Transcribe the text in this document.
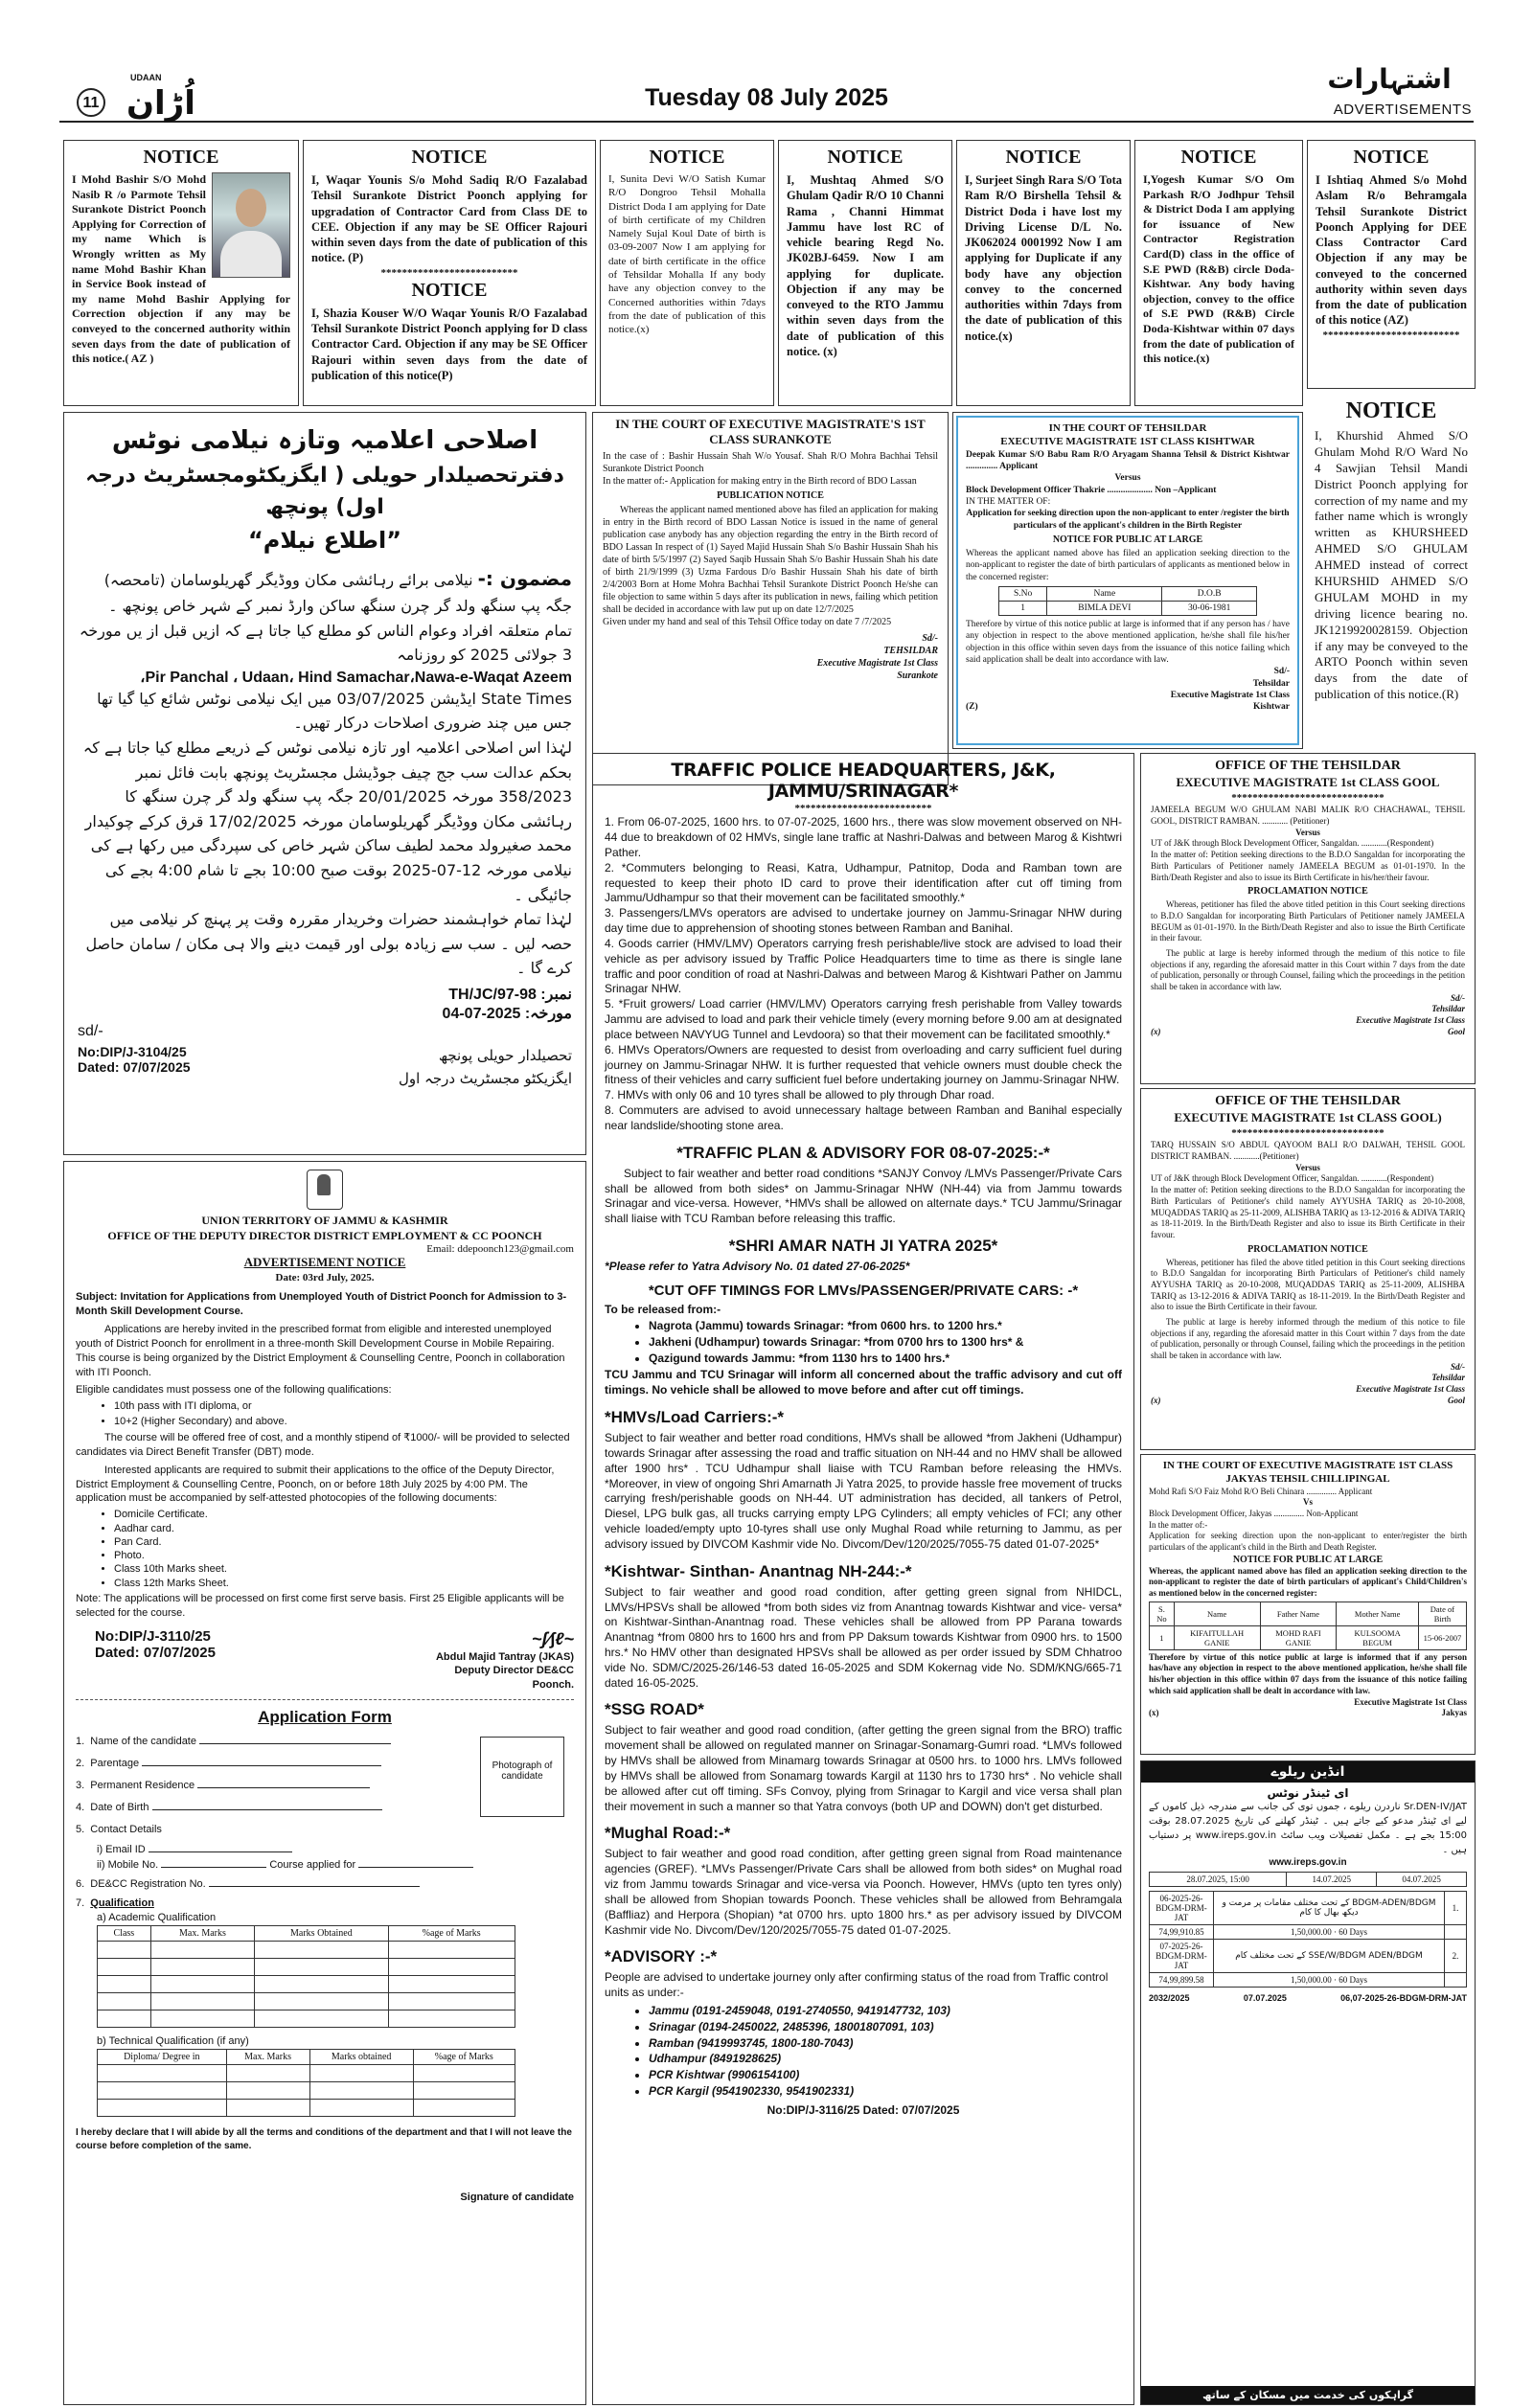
11
UDAAN
اُڑان	Tuesday 08 July 2025
اشتہارات
ADVERTISEMENTS
NOTICE
I Mohd Bashir S/O Mohd Nasib R /o Parmote Tehsil Surankote District Poonch Applying for Correction of my name Which is Wrongly written as My name Mohd Bashir Khan in Service Book instead of my name Mohd Bashir Applying for Correction objection if any may be conveyed to the concerned authority within seven days from the date of publication of this notice.( AZ )
NOTICE
I, Waqar Younis S/o Mohd Sadiq R/O Fazalabad Tehsil Surankote District Poonch applying for upgradation of Contractor Card from Class DE to CEE. Objection if any may be SE Officer Rajouri within seven days from the date of publication of this notice. (P)
**************************
NOTICE
I, Shazia Kouser W/O Waqar Younis R/O Fazalabad Tehsil Surankote District Poonch applying for D class Contractor Card. Objection if any may be SE Officer Rajouri within seven days from the date of publication of this notice(P)
NOTICE
I, Sunita Devi W/O Satish Kumar R/O Dongroo Tehsil Mohalla District Doda I am applying for Date of birth certificate of my Children Namely Sujal Koul Date of birth is 03-09-2007 Now I am applying for date of birth certificate in the office of Tehsildar Mohalla If any body have any objection convey to the Concerned authorities within 7days from the date of publication of this notice.(x)
NOTICE
I, Mushtaq Ahmed S/O Ghulam Qadir R/O 10 Channi Rama , Channi Himmat Jammu have lost RC of vehicle bearing Regd No. JK02BJ-6459. Now I am applying for duplicate. Objection if any may be conveyed to the RTO Jammu within seven days from the date of publication of this notice. (x)
NOTICE
I, Surjeet Singh Rara S/O Tota Ram R/O Birshella Tehsil & District Doda i have lost my Driving License D/L No. JK062024 0001992 Now I am applying for Duplicate if any body have any objection convey to the concerned authorities within 7days from the date of publication of this notice.(x)
NOTICE
I,Yogesh Kumar S/O Om Parkash R/O Jodhpur Tehsil & District Doda I am applying for issuance of New Contractor Registration Card(D) class in the office of S.E PWD (R&B) circle Doda-Kishtwar. Any body having objection, convey to the office of S.E PWD (R&B) Circle Doda-Kishtwar within 07 days from the date of publication of this notice.(x)
NOTICE
I Ishtiaq Ahmed S/o Mohd Aslam R/o Behramgala Tehsil Surankote District Poonch Applying for DEE Class Contractor Card Objection if any may be conveyed to the concerned authority within seven days from the date of publication of this notice (AZ)
**************************
NOTICE
I, Khurshid Ahmed S/O Ghulam Mohd R/O Ward No 4 Sawjian Tehsil Mandi District Poonch applying for correction of my name and my father name which is wrongly written as KHURSHEED AHMED S/O GHULAM AHMED instead of correct KHURSHID AHMED S/O GHULAM MOHD in my driving licence bearing no. JK1219920028159. Objection if any may be conveyed to the ARTO Poonch within seven days from the date of publication of this notice.(R)
اصلاحی اعلامیہ وتازہ نیلامی نوٹس
دفترتحصیلدار حویلی ( ایگزیکٹومجسٹریٹ درجہ اول) پونچھ
”اطلاع نیلام“
مضمون :- نیلامی برائے رہائشی مکان ووڈیگر گھریلوسامان (تامحصہ) جگہ پپ سنگھ ولد گر چرن سنگھ ساکن وارڈ نمبر کے شہر خاص پونچھ ۔
تمام متعلقہ افراد وعوام الناس کو مطلع کیا جاتا ہے کہ ازیں قبل از یں مورخہ 3 جولائی 2025 کو روزنامہ
،Pir Panchal ، Udaan، Hind Samachar،Nawa-e-Waqat Azeem
State Times ایڈیشن 03/07/2025 میں ایک نیلامی نوٹس شائع کیا گیا تھا جس میں چند ضروری اصلاحات درکار تھیں۔
لہٰذا اس اصلاحی اعلامیہ اور تازہ نیلامی نوٹس کے ذریعے مطلع کیا جاتا ہے کہ بحکم عدالت سب جج چیف جوڈیشل مجسٹریٹ پونچھ بابت فائل نمبر 358/2023 مورخہ 20/01/2025 جگہ پپ سنگھ ولد گر چرن سنگھ کا رہائشی مکان ووڈیگر گھریلوسامان مورخہ 17/02/2025 قرق کرکے چوکیدار محمد صغیرولد محمد لطیف ساکن شہر خاص کی سپردگی میں رکھا ہے کی نیلامی مورخہ 12-07-2025 بوقت صبح 10:00 بجے تا شام 4:00 بجے کی جائیگی ۔
لہٰذا تمام خواہشمند حضرات وخریدار مقررہ وقت پر پہنچ کر نیلامی میں حصہ لیں ۔ سب سے زیادہ بولی اور قیمت دینے والا ہی مکان / سامان حاصل کرے گا ۔
TH/JC/97-98 :نمبر
04-07-2025 :مورخہ
sd/-
No:DIP/J-3104/25
Dated: 07/07/2025
تحصیلدار حویلی پونچھ
ایگزیکٹو مجسٹریٹ درجہ اول
UNION TERRITORY OF JAMMU & KASHMIR
OFFICE OF THE DEPUTY DIRECTOR DISTRICT EMPLOYMENT & CC POONCH
Email: ddepoonch123@gmail.com
ADVERTISEMENT NOTICE
Date: 03rd July, 2025.
Subject: Invitation for Applications from Unemployed Youth of District Poonch for Admission to 3-Month Skill Development Course.
Applications are hereby invited in the prescribed format from eligible and interested unemployed youth of District Poonch for enrollment in a three-month Skill Development Course in Mobile Repairing. This course is being organized by the District Employment & Counselling Centre, Poonch in collaboration with ITI Poonch.
Eligible candidates must possess one of the following qualifications:
• 10th pass with ITI diploma, or
• 10+2 (Higher Secondary) and above.
The course will be offered free of cost, and a monthly stipend of ₹1000/- will be provided to selected candidates via Direct Benefit Transfer (DBT) mode.
Interested applicants are required to submit their applications to the office of the Deputy Director, District Employment & Counselling Centre, Poonch, on or before 18th July 2025 by 4:00 PM. The application must be accompanied by self-attested photocopies of the following documents:
• Domicile Certificate.
• Aadhar card.
• Pan Card.
• Photo.
• Class 10th Marks sheet.
• Class 12th Marks Sheet.
Note: The applications will be processed on first come first serve basis. First 25 Eligible applicants will be selected for the course.
No:DIP/J-3110/25
Dated: 07/07/2025
~ʃ∕∫ℓ~
Abdul Majid Tantray (JKAS)
Deputy Director DE&CC
Poonch.
Application Form
Photograph of candidate
1.  Name of the candidate
2.  Parentage
3.  Permanent Residence
4.  Date of Birth
5.  Contact Details
i) Email ID
ii) Mobile No.	Course applied for
6.  DE&CC Registration No.
7.  Qualification
a) Academic Qualification
Class	Max. Marks	Marks Obtained	%age of Marks

b) Technical Qualification (if any)
Diploma/ Degree in	Max. Marks	Marks obtained	%age of Marks

I hereby declare that I will abide by all the terms and conditions of the department and that I will not leave the course before completion of the same.
Signature of candidate
IN THE COURT OF EXECUTIVE MAGISTRATE'S 1ST CLASS SURANKOTE
In the case of : Bashir Hussain Shah W/o Yousaf. Shah R/O Mohra Bachhai Tehsil Surankote District Poonch
In the matter of:- Application for making entry in the Birth record of BDO Lassan
PUBLICATION NOTICE
Whereas the applicant named mentioned above has filed an application for making in entry in the Birth record of BDO Lassan Notice is issued in the name of general publication case anybody has any objection regarding the entry in the Birth record of BDO Lassan In respect of (1) Sayed Majid Hussain Shah S/o Bashir Hussain Shah his date of birth 5/5/1997 (2) Sayed Saqib Hussain Shah S/o Bashir Hussain Shah his date of birth 21/9/1999 (3) Uzma Fardous D/o Bashir Hussain Shah his date of birth 2/4/2003 Born at Home Mohra Bachhai Tehsil Surankote District Poonch He/she can file objection to same within 5 days after its publication in news, failing which petition shall be decided in accordance with law put up on date 12/7/2025
Given under my hand and seal of this Tehsil Office today on date 7 /7/2025
Sd/-
TEHSILDAR
Executive Magistrate 1st Class
Surankote
IN THE COURT OF TEHSILDAR
EXECUTIVE MAGISTRATE 1ST CLASS KISHTWAR
Deepak Kumar S/O Babu Ram R/O Aryagam Shanna Tehsil & District Kishtwar .............. Applicant
Versus
Block Development Officer Thakrie .................... Non –Applicant
IN THE MATTER OF:
Application for seeking direction upon the non-applicant to enter /register the birth particulars of the applicant's children in the Birth Register
NOTICE FOR PUBLIC AT LARGE
Whereas the applicant named above has filed an application seeking direction to the non-applicant to register the date of birth particulars of applicants as mentioned below in the concerned register:
S.No	Name	D.O.B
1	BIMLA DEVI	30-06-1981
Therefore by virtue of this notice public at large is informed that if any person has / have any objection in respect to the above mentioned application, he/she shall file his/her objection in this office within seven days from the issuance of this notice failing which said application shall be dealt into accordance with law.
(Z)
Sd/-
Tehsildar
Executive Magistrate 1st Class
Kishtwar
TRAFFIC POLICE HEADQUARTERS, J&K, JAMMU/SRINAGAR*
**************************
1. From 06-07-2025, 1600 hrs. to 07-07-2025, 1600 hrs., there was slow movement observed on NH-44 due to breakdown of 02 HMVs, single lane traffic at Nashri-Dalwas and between Marog & Kishtwri Pather.
2. *Commuters belonging to Reasi, Katra, Udhampur, Patnitop, Doda and Ramban town are requested to keep their photo ID card to prove their identification after cut off timing from Jammu/Udhampur so that their movement can be facilitated smoothly.*
3. Passengers/LMVs operators are advised to undertake journey on Jammu-Srinagar NHW during day time due to apprehension of shooting stones between Ramban and Banihal.
4. Goods carrier (HMV/LMV) Operators carrying fresh perishable/live stock are advised to load their vehicle as per advisory issued by Traffic Police Headquarters time to time as there is single lane traffic and poor condition of road at Nashri-Dalwas and between Marog & Kishtwari Pather on Jammu Srinagar NHW.
5. *Fruit growers/ Load carrier (HMV/LMV) Operators carrying fresh perishable from Valley towards Jammu are advised to load and park their vehicle timely (every morning before 9.00 am at designated place between NAVYUG Tunnel and Levdoora) so that their movement can be facilitated smoothly.*
6. HMVs Operators/Owners are requested to desist from overloading and carry sufficient fuel during journey on Jammu-Srinagar NHW. It is further requested that vehicle owners must double check the fitness of their vehicles and carry sufficient fuel before undertaking journey on Jammu-Srinagar NHW.
7. HMVs with only 06 and 10 tyres shall be allowed to ply through Dhar road.
8. Commuters are advised to avoid unnecessary haltage between Ramban and Banihal especially near landslide/shooting stone area.
*TRAFFIC PLAN & ADVISORY FOR 08-07-2025:-*
Subject to fair weather and better road conditions *SANJY Convoy /LMVs Passenger/Private Cars shall be allowed from both sides* on Jammu-Srinagar NHW (NH-44) via from Jammu towards Srinagar and vice-versa. However, *HMVs shall be allowed on alternate days.* TCU Jammu/Srinagar shall liaise with TCU Ramban before releasing this traffic.
*SHRI AMAR NATH JI YATRA 2025*
*Please refer to Yatra Advisory No. 01 dated 27-06-2025*
*CUT OFF TIMINGS FOR LMVs/PASSENGER/PRIVATE CARS: -*
To be released from:-
• Nagrota (Jammu) towards Srinagar: *from 0600 hrs. to 1200 hrs.*
• Jakheni (Udhampur) towards Srinagar: *from 0700 hrs to 1300 hrs* &
• Qazigund towards Jammu: *from 1130 hrs to 1400 hrs.*
TCU Jammu and TCU Srinagar will inform all concerned about the traffic advisory and cut off timings. No vehicle shall be allowed to move before and after cut off timings.
*HMVs/Load Carriers:-*
Subject to fair weather and better road conditions, HMVs shall be allowed *from Jakheni (Udhampur) towards Srinagar after assessing the road and traffic situation on NH-44 and no HMV shall be allowed after 1900 hrs* . TCU Udhampur shall liaise with TCU Ramban before releasing the HMVs. *Moreover, in view of ongoing Shri Amarnath Ji Yatra 2025, to provide hassle free movement of trucks carrying fresh/perishable goods on NH-44. UT administration has decided, all tankers of Petrol, Diesel, LPG bulk gas, all trucks carrying empty LPG Cylinders; all empty vehicles of FCI; any other vehicle loaded/empty upto 10-tyres shall use only Mughal Road while returning to Jammu, as per advisory issued by DIVCOM Kashmir vide No. Divcom/Dev/120/2025/7055-75 dated 01-07-2025*
*Kishtwar- Sinthan- Anantnag NH-244:-*
Subject to fair weather and good road condition, after getting green signal from NHIDCL, LMVs/HPSVs shall be allowed *from both sides viz from Anantnag towards Kishtwar and vice- versa* on Kishtwar-Sinthan-Anantnag road. These vehicles shall be allowed from PP Parana towards Anantnag *from 0800 hrs to 1600 hrs and from PP Daksum towards Kishtwar from 0900 hrs. to 1500 hrs.* No HMV other than designated HPSVs shall be allowed as per order issued by SDM Chhatroo vide No. SDM/C/2025-26/146-53 dated 16-05-2025 and SDM Kokernag vide No. SDM/KNG/665-71 dated 16-05-2025.
*SSG ROAD*
Subject to fair weather and good road condition, (after getting the green signal from the BRO) traffic movement shall be allowed on regulated manner on Srinagar-Sonamarg-Gumri road. *LMVs followed by HMVs shall be allowed from Minamarg towards Srinagar at 0500 hrs. to 1000 hrs. LMVs followed by HMVs shall be allowed from Sonamarg towards Kargil at 1130 hrs to 1730 hrs* . No vehicle shall be allowed after cut off timing. SFs Convoy, plying from Srinagar to Kargil and vice versa shall plan their movement in such a manner so that Yatra convoys (both UP and DOWN) don't get disturbed.
*Mughal Road:-*
Subject to fair weather and good road condition, after getting green signal from Road maintenance agencies (GREF). *LMVs Passenger/Private Cars shall be allowed from both sides* on Mughal road viz from Jammu towards Srinagar and vice-versa via Poonch. However, HMVs (upto ten tyres only) shall be allowed from Shopian towards Poonch. These vehicles shall be allowed from Behramgala (Baffliaz) and Herpora (Shopian) *at 0700 hrs. upto 1800 hrs.* as per advisory issued by DIVCOM Kashmir vide No. Divcom/Dev/120/2025/7055-75 dated 01-07-2025.
*ADVISORY :-*
People are advised to undertake journey only after confirming status of the road from Traffic control units as under:-
• Jammu (0191-2459048, 0191-2740550, 9419147732, 103)
• Srinagar (0194-2450022, 2485396, 18001807091, 103)
• Ramban (9419993745, 1800-180-7043)
• Udhampur (8491928625)
• PCR Kishtwar (9906154100)
• PCR Kargil (9541902330, 9541902331)
No:DIP/J-3116/25 Dated: 07/07/2025
OFFICE OF THE TEHSILDAR
EXECUTIVE MAGISTRATE 1st CLASS GOOL
*****************************
JAMEELA BEGUM W/O GHULAM NABI MALIK R/O CHACHAWAL, TEHSIL GOOL, DISTRICT RAMBAN. ............ (Petitioner)
Versus
UT of J&K through Block Development Officer, Sangaldan. ............(Respondent)
In the matter of: Petition seeking directions to the B.D.O Sangaldan for incorporating the Birth Particulars of Petitioner namely JAMEELA BEGUM as 01-01-1970. In the Birth/Death Register and also to issue its Birth Certificate in his/her/their favour.
PROCLAMATION NOTICE
Whereas, petitioner has filed the above titled petition in this Court seeking directions to B.D.O Sangaldan for incorporating Birth Particulars of Petitioner namely JAMEELA BEGUM as 01-01-1970. In the Birth/Death Register and also to issue the Birth Certificate in their favour.
The public at large is hereby informed through the medium of this notice to file objections if any, regarding the aforesaid matter in this Court within 7 days from the date of publication, personally or through Counsel, failing which the proceedings in the petition shall be taken in accordance with law.
(x)
Sd/-
Tehsildar
Executive Magistrate 1st Class
Gool
OFFICE OF THE TEHSILDAR
EXECUTIVE MAGISTRATE 1st CLASS GOOL)
*****************************
TARQ HUSSAIN S/O ABDUL QAYOOM BALI R/O DALWAH, TEHSIL GOOL DISTRICT RAMBAN. ............(Petitioner)
Versus
UT of J&K through Block Development Officer, Sangaldan. ............(Respondent)
In the matter of: Petition seeking directions to the B.D.O Sangaldan for incorporating the Birth Particulars of Petitioner's child namely AYYUSHA TARIQ as 20-10-2008, MUQADDAS TARIQ as 25-11-2009, ALISHBA TARIQ as 13-12-2016 & ADIVA TARIQ as 18-11-2019. In the Birth/Death Register and also to issue its Birth Certificate in their favour.
PROCLAMATION NOTICE
Whereas, petitioner has filed the above titled petition in this Court seeking directions to B.D.O Sangaldan for incorporating Birth Particulars of Petitioner's child namely AYYUSHA TARIQ as 20-10-2008, MUQADDAS TARIQ as 25-11-2009, ALISHBA TARIQ as 13-12-2016 & ADIVA TARIQ as 18-11-2019. In the Birth/Death Register and also to issue the Birth Certificate in their favour.
The public at large is hereby informed through the medium of this notice to file objections if any, regarding the aforesaid matter in this Court within 7 days from the date of publication, personally or through Counsel, failing which the proceedings in the petition shall be taken in accordance with law.
(x)
Sd/-
Tehsildar
Executive Magistrate 1st Class
Gool
IN THE COURT OF EXECUTIVE MAGISTRATE 1ST CLASS
JAKYAS TEHSIL CHILLIPINGAL
Mohd Rafi S/O Faiz Mohd R/O Beli Chinara .............. Applicant
Vs
Block Development Officer, Jakyas .............. Non-Applicant
In the matter of:-
Application for seeking direction upon the non-applicant to enter/register the birth particulars of the applicant's child in the Birth and Death Register.
NOTICE FOR PUBLIC AT LARGE
Whereas, the applicant named above has filed an application seeking direction to the non-applicant to register the date of birth particulars of applicant's Child/Children's as mentioned below in the concerned register:
S. No	Name	Father Name	Mother Name	Date of Birth
1	KIFAITULLAH GANIE	MOHD RAFI GANIE	KULSOOMA BEGUM	15-06-2007
Therefore by virtue of this notice public at large is informed that if any person has/have any objection in respect to the above mentioned application, he/she shall file his/her objection in this office within 07 days from the issuance of this notice failing which said application shall be dealt in accordance with law.
(x)
Executive Magistrate 1st Class
Jakyas
انڈین ریلوے
ای ٹینڈر نوٹس
Sr.DEN-IV/JAT ناردرن ریلوے ، جموں توی کی جانب سے مندرجہ ذیل کاموں کے لیے ای ٹینڈر مدعو کیے جاتے ہیں ۔ ٹینڈر کھلنے کی تاریخ 28.07.2025 بوقت 15:00 بجے ہے ۔ مکمل تفصیلات ویب سائٹ www.ireps.gov.in پر دستیاب ہیں ۔
www.ireps.gov.in
28.07.2025, 15:00	14.07.2025	04.07.2025
06-2025-26-BDGM-DRM-JAT	BDGM-ADEN/BDGM کے تحت مختلف مقامات پر مرمت و دیکھ بھال کا کام	1.
74,99,910.85	1,50,000.00 · 60 Days	
07-2025-26-BDGM-DRM-JAT	SSE/W/BDGM ADEN/BDGM کے تحت مختلف کام	2.
74,99,899.58	1,50,000.00 · 60 Days	
2032/2025	07.07.2025	06,07-2025-26-BDGM-DRM-JAT
گراہکوں کی خدمت میں مسکان کے ساتھ
